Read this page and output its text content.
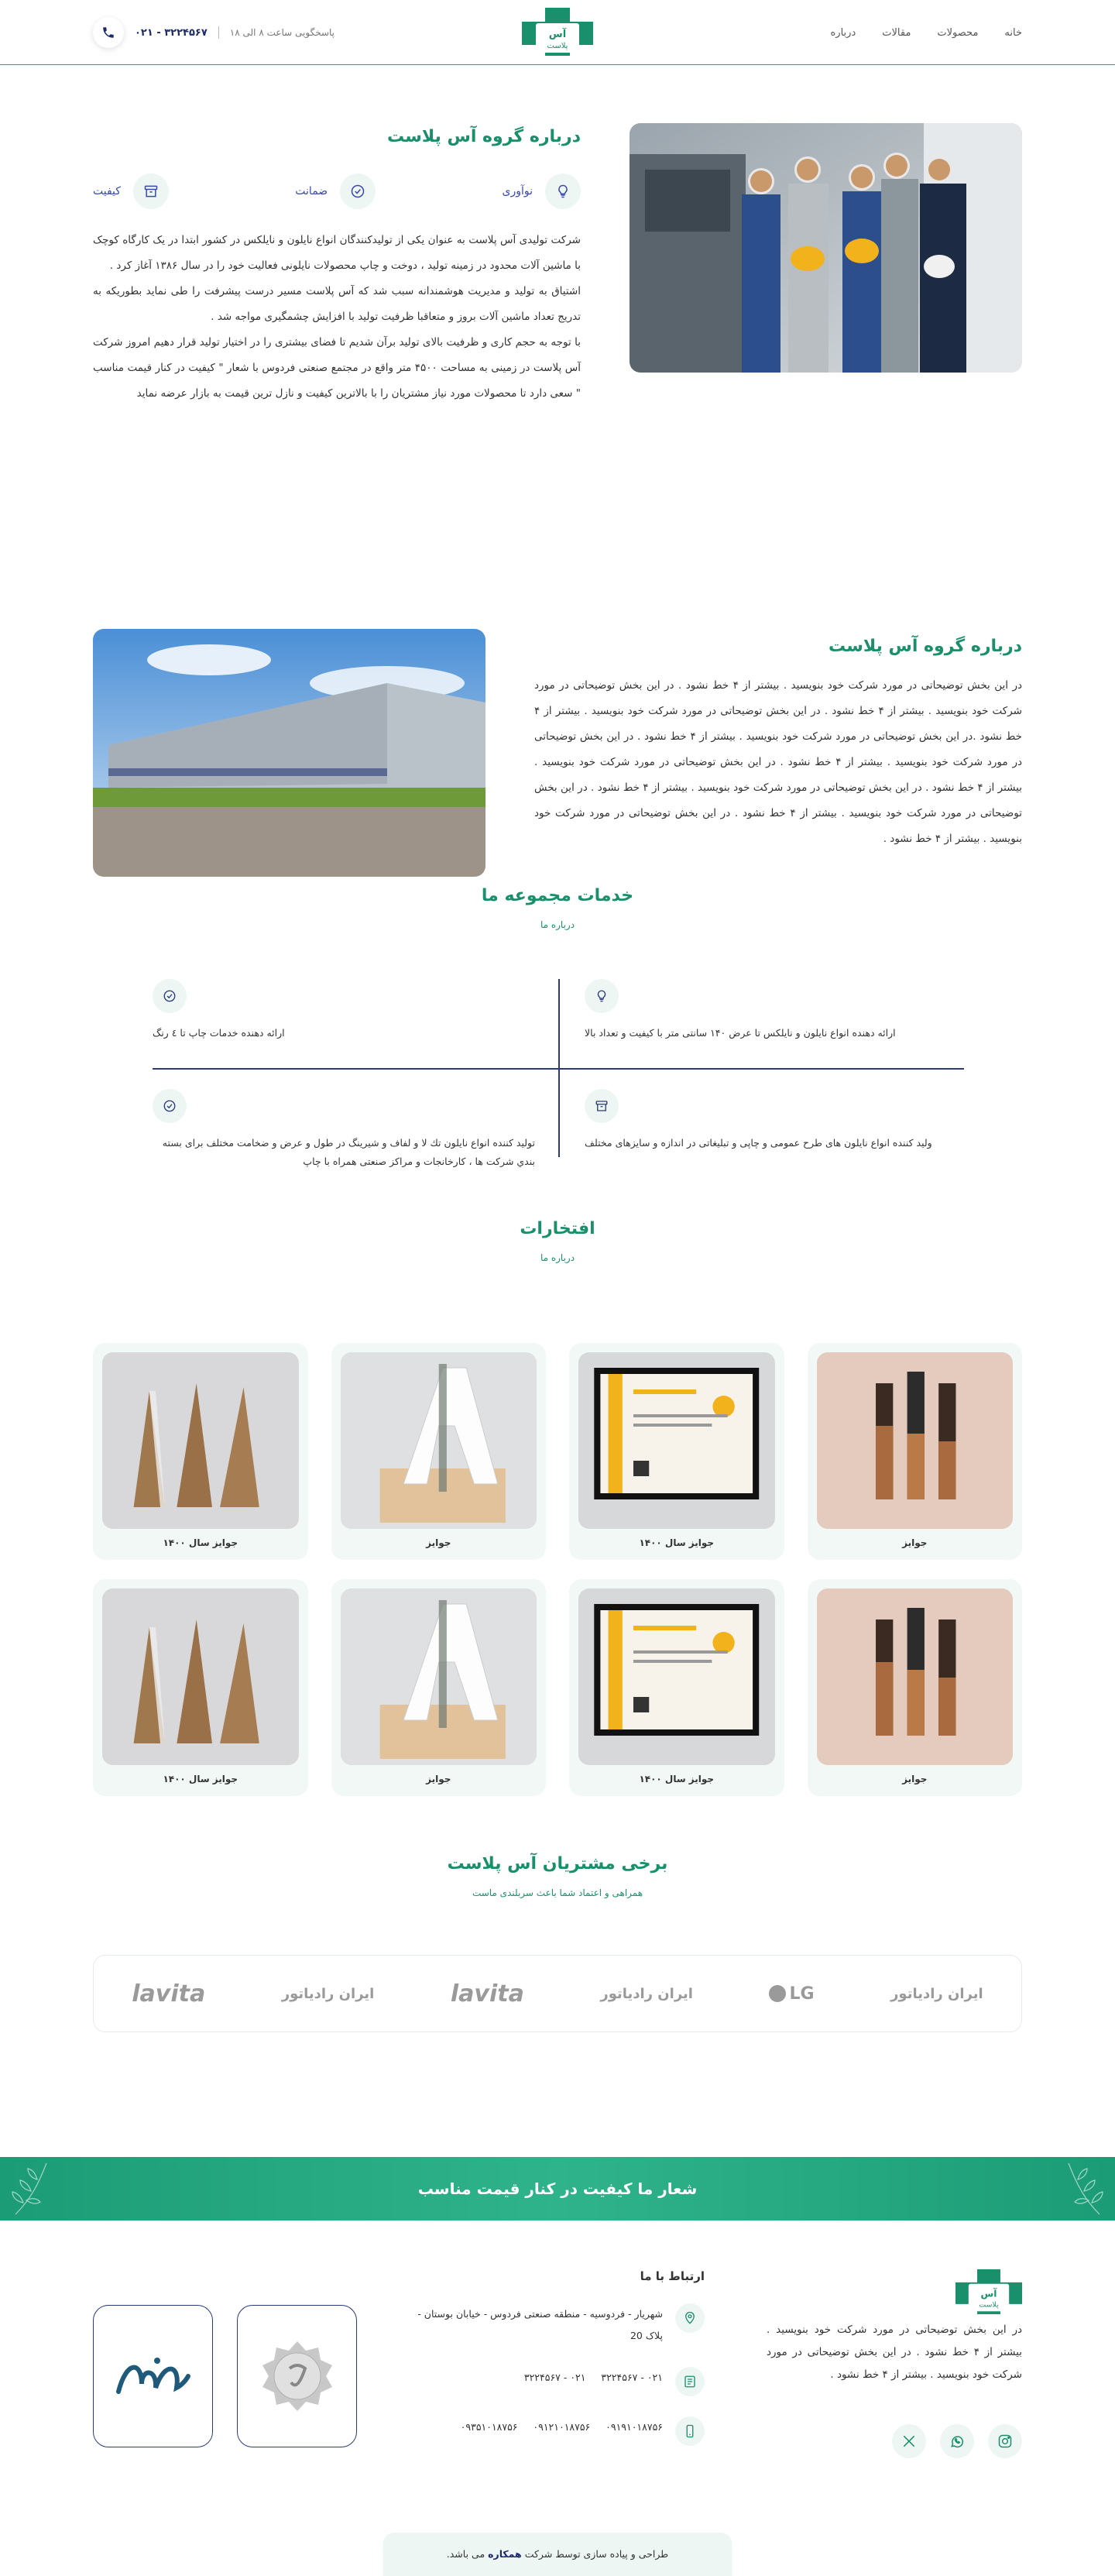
خانه
محصولات
مقالات
درباره
پاسخگویی ساعت ۸ الی ۱۸
۰۲۱ - ۳۲۲۴۵۶۷	آس
پلاست
درباره گروه آس پلاست
نوآوری
ضمانت
کیفیت

شرکت تولیدی آس پلاست به عنوان یکی از تولیدکنندگان انواع نایلون و نایلکس در کشور ابتدا در یک کارگاه کوچک با ماشین آلات محدود در زمینه تولید ، دوخت و چاپ محصولات نایلونی فعالیت خود را در سال ۱۳۸۶ آغاز کرد .

اشتیاق به تولید و مدیریت هوشمندانه سبب شد که آس پلاست مسیر درست پیشرفت را طی نماید بطوریکه به تدریج تعداد ماشین آلات بروز و متعاقبا ظرفیت تولید با افزایش چشمگیری مواجه شد .

با توجه به حجم کاری و ظرفیت بالای تولید برآن شدیم تا فضای بیشتری را در اختیار تولید قرار دهیم امروز شرکت آس پلاست در زمینی به مساحت ۴۵۰۰ متر واقع در مجتمع صنعتی فردوس با شعار " کیفیت در کنار قیمت مناسب " سعی دارد تا محصولات مورد نیاز مشتریان را با بالاترین کیفیت و نازل ترین قیمت به بازار عرضه نماید

درباره گروه آس پلاست

در این بخش توضیحاتی در مورد شرکت خود بنویسید . بیشتر از ۴ خط نشود . در این بخش توضیحاتی در مورد شرکت خود بنویسید . بیشتر از ۴ خط نشود . در این بخش توضیحاتی در مورد شرکت خود بنویسید . بیشتر از ۴ خط نشود .در این بخش توضیحاتی در مورد شرکت خود بنویسید . بیشتر از ۴ خط نشود . در این بخش توضیحاتی در مورد شرکت خود بنویسید . بیشتر از ۴ خط نشود . در این بخش توضیحاتی در مورد شرکت خود بنویسید . بیشتر از ۴ خط نشود . در این بخش توضیحاتی در مورد شرکت خود بنویسید . بیشتر از ۴ خط نشود . در این بخش توضیحاتی در مورد شرکت خود بنویسید . بیشتر از ۴ خط نشود . در این بخش توضیحاتی در مورد شرکت خود بنویسید . بیشتر از ۴ خط نشود .

خدمات مجموعه ما
درباره ما
ارائه دهنده انواع نایلون و نایلکس تا عرض ۱۴۰ سانتی متر با کیفیت و تعداد بالا
ارائه دهنده خدمات چاپ تا ٤ رنگ
ولید کننده انواع نایلون های طرح عمومی و چاپی و تبلیغاتی در اندازه و سایزهای مختلف
تولید کننده انواع نایلون تك لا و لفاف و شیرینگ در طول و عرض و ضخامت مختلف برای بسته بندي شرکت ها ، کارخانجات و مراکز صنعتی همراه با چاپ
افتخارات
درباره ما
جوایز
جوایز سال ۱۴۰۰
جوایز
جوایز سال ۱۴۰۰
جوایز
جوایز سال ۱۴۰۰
جوایز
جوایز سال ۱۴۰۰
برخی مشتریان آس پلاست
همراهی و اعتماد شما باعث سربلندی ماست
lavita	ایران رادیاتور	lavita	ایران رادیاتور	LG	ایران رادیاتور
شعار ما کیفیت در کنار قیمت مناسب
آس
پلاست

در این بخش توضیحاتی در مورد شرکت خود بنویسید . بیشتر از ۴ خط نشود . در این بخش توضیحاتی در مورد شرکت خود بنویسید . بیشتر از ۴ خط نشود .

ارتباط با ما
شهریار - فردوسیه - منطقه صنعتی فردوس - خیابان بوستان - پلاک 20
۰۲۱ - ۳۲۲۴۵۶۷     ۰۲۱ - ۳۲۲۴۵۶۷
۰۹۱۹۱۰۱۸۷۵۶     ۰۹۱۲۱۰۱۸۷۵۶     ۰۹۳۵۱۰۱۸۷۵۶
طراحی و پیاده سازی توسط شرکت همکاره می باشد.
